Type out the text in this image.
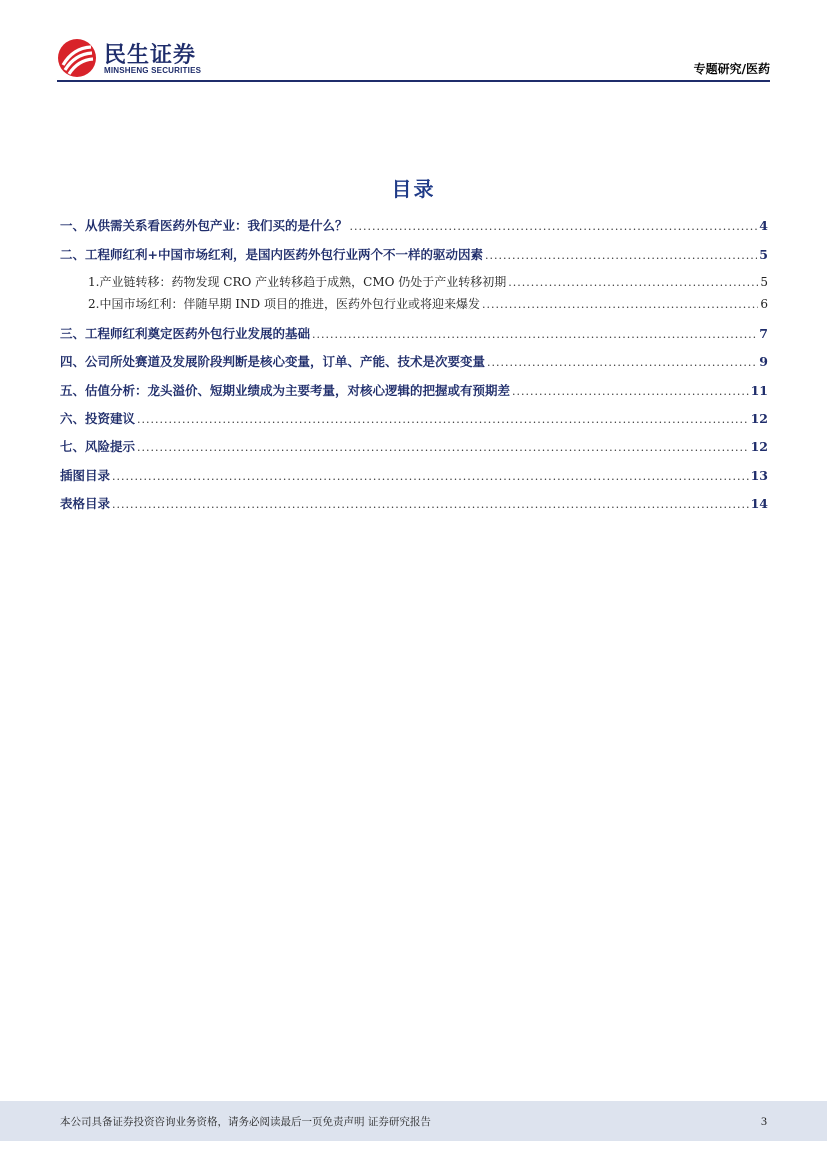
民生证券
MINSHENG SECURITIES	专题研究/医药
目录
一、从供需关系看医药外包产业：我们买的是什么？ .....	4
二、工程师红利+中国市场红利，是国内医药外包行业两个不一样的驱动因素 .....	5
1.产业链转移：药物发现 CRO 产业转移趋于成熟，CMO 仍处于产业转移初期 .....	5
2.中国市场红利：伴随早期 IND 项目的推进，医药外包行业或将迎来爆发 .....	6
三、工程师红利奠定医药外包行业发展的基础 .....	7
四、公司所处赛道及发展阶段判断是核心变量，订单、产能、技术是次要变量 .....	9
五、估值分析：龙头溢价、短期业绩成为主要考量，对核心逻辑的把握或有预期差 .....	11
六、投资建议 .....	12
七、风险提示 .....	12
插图目录 .....	13
表格目录 .....	14
本公司具备证券投资咨询业务资格，请务必阅读最后一页免责声明 证券研究报告	3
